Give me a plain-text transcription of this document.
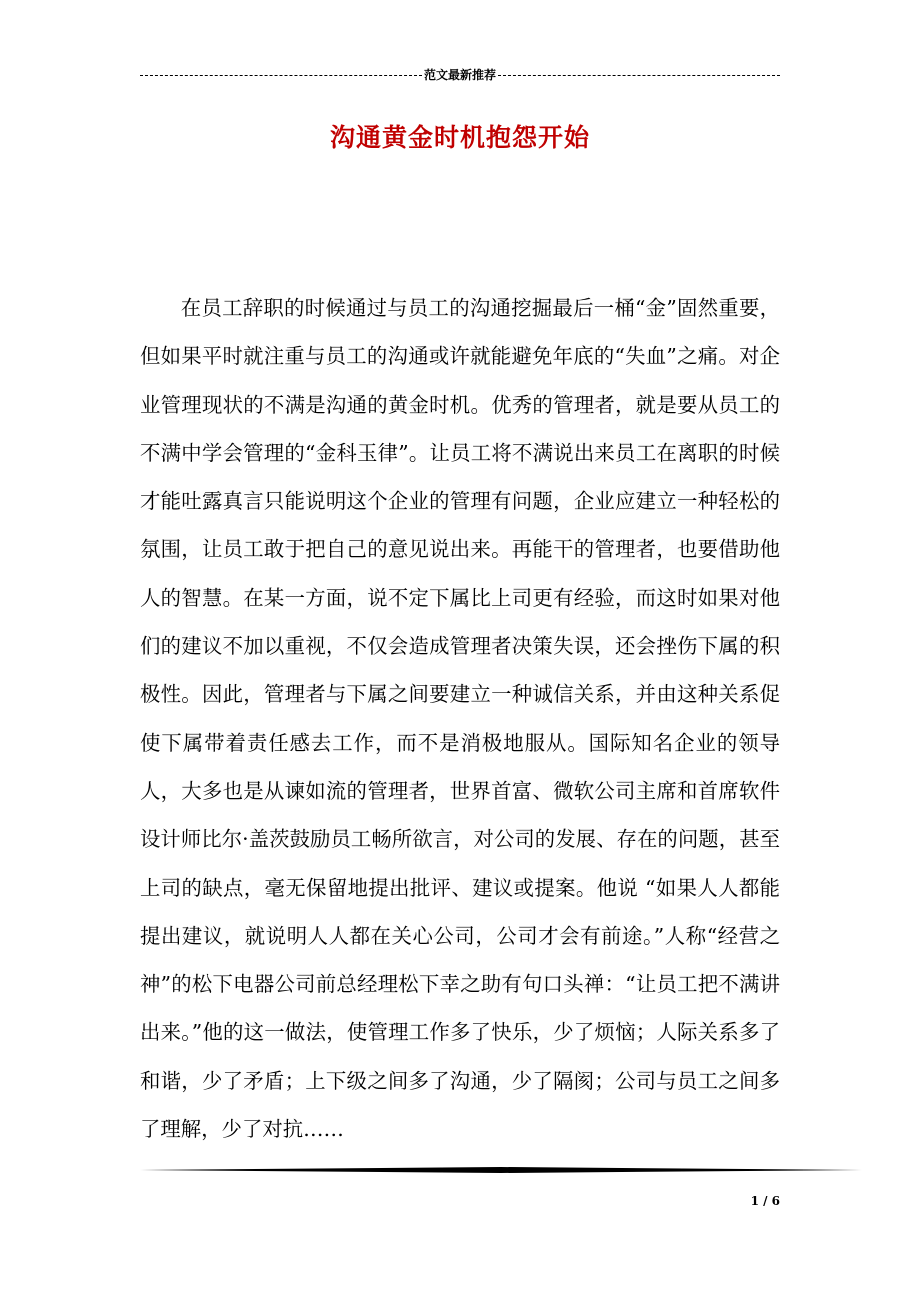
范文最新推荐
沟通黄金时机抱怨开始

在员工辞职的时候通过与员工的沟通挖掘最后一桶“金”固然重要，但如果平时就注重与员工的沟通或许就能避免年底的“失血”之痛。对企业管理现状的不满是沟通的黄金时机。优秀的管理者，就是要从员工的不满中学会管理的“金科玉律”。让员工将不满说出来员工在离职的时候才能吐露真言只能说明这个企业的管理有问题，企业应建立一种轻松的氛围，让员工敢于把自己的意见说出来。再能干的管理者，也要借助他人的智慧。在某一方面，说不定下属比上司更有经验，而这时如果对他们的建议不加以重视，不仅会造成管理者决策失误，还会挫伤下属的积极性。因此，管理者与下属之间要建立一种诚信关系，并由这种关系促使下属带着责任感去工作，而不是消极地服从。国际知名企业的领导人，大多也是从谏如流的管理者，世界首富、微软公司主席和首席软件设计师比尔·盖茨鼓励员工畅所欲言，对公司的发展、存在的问题，甚至上司的缺点，毫无保留地提出批评、建议或提案。他说 “如果人人都能提出建议，就说明人人都在关心公司，公司才会有前途。”人称“经营之神”的松下电器公司前总经理松下幸之助有句口头禅：“让员工把不满讲出来。”他的这一做法，使管理工作多了快乐，少了烦恼；人际关系多了和谐，少了矛盾；上下级之间多了沟通，少了隔阂；公司与员工之间多了理解，少了对抗……

1 / 6
